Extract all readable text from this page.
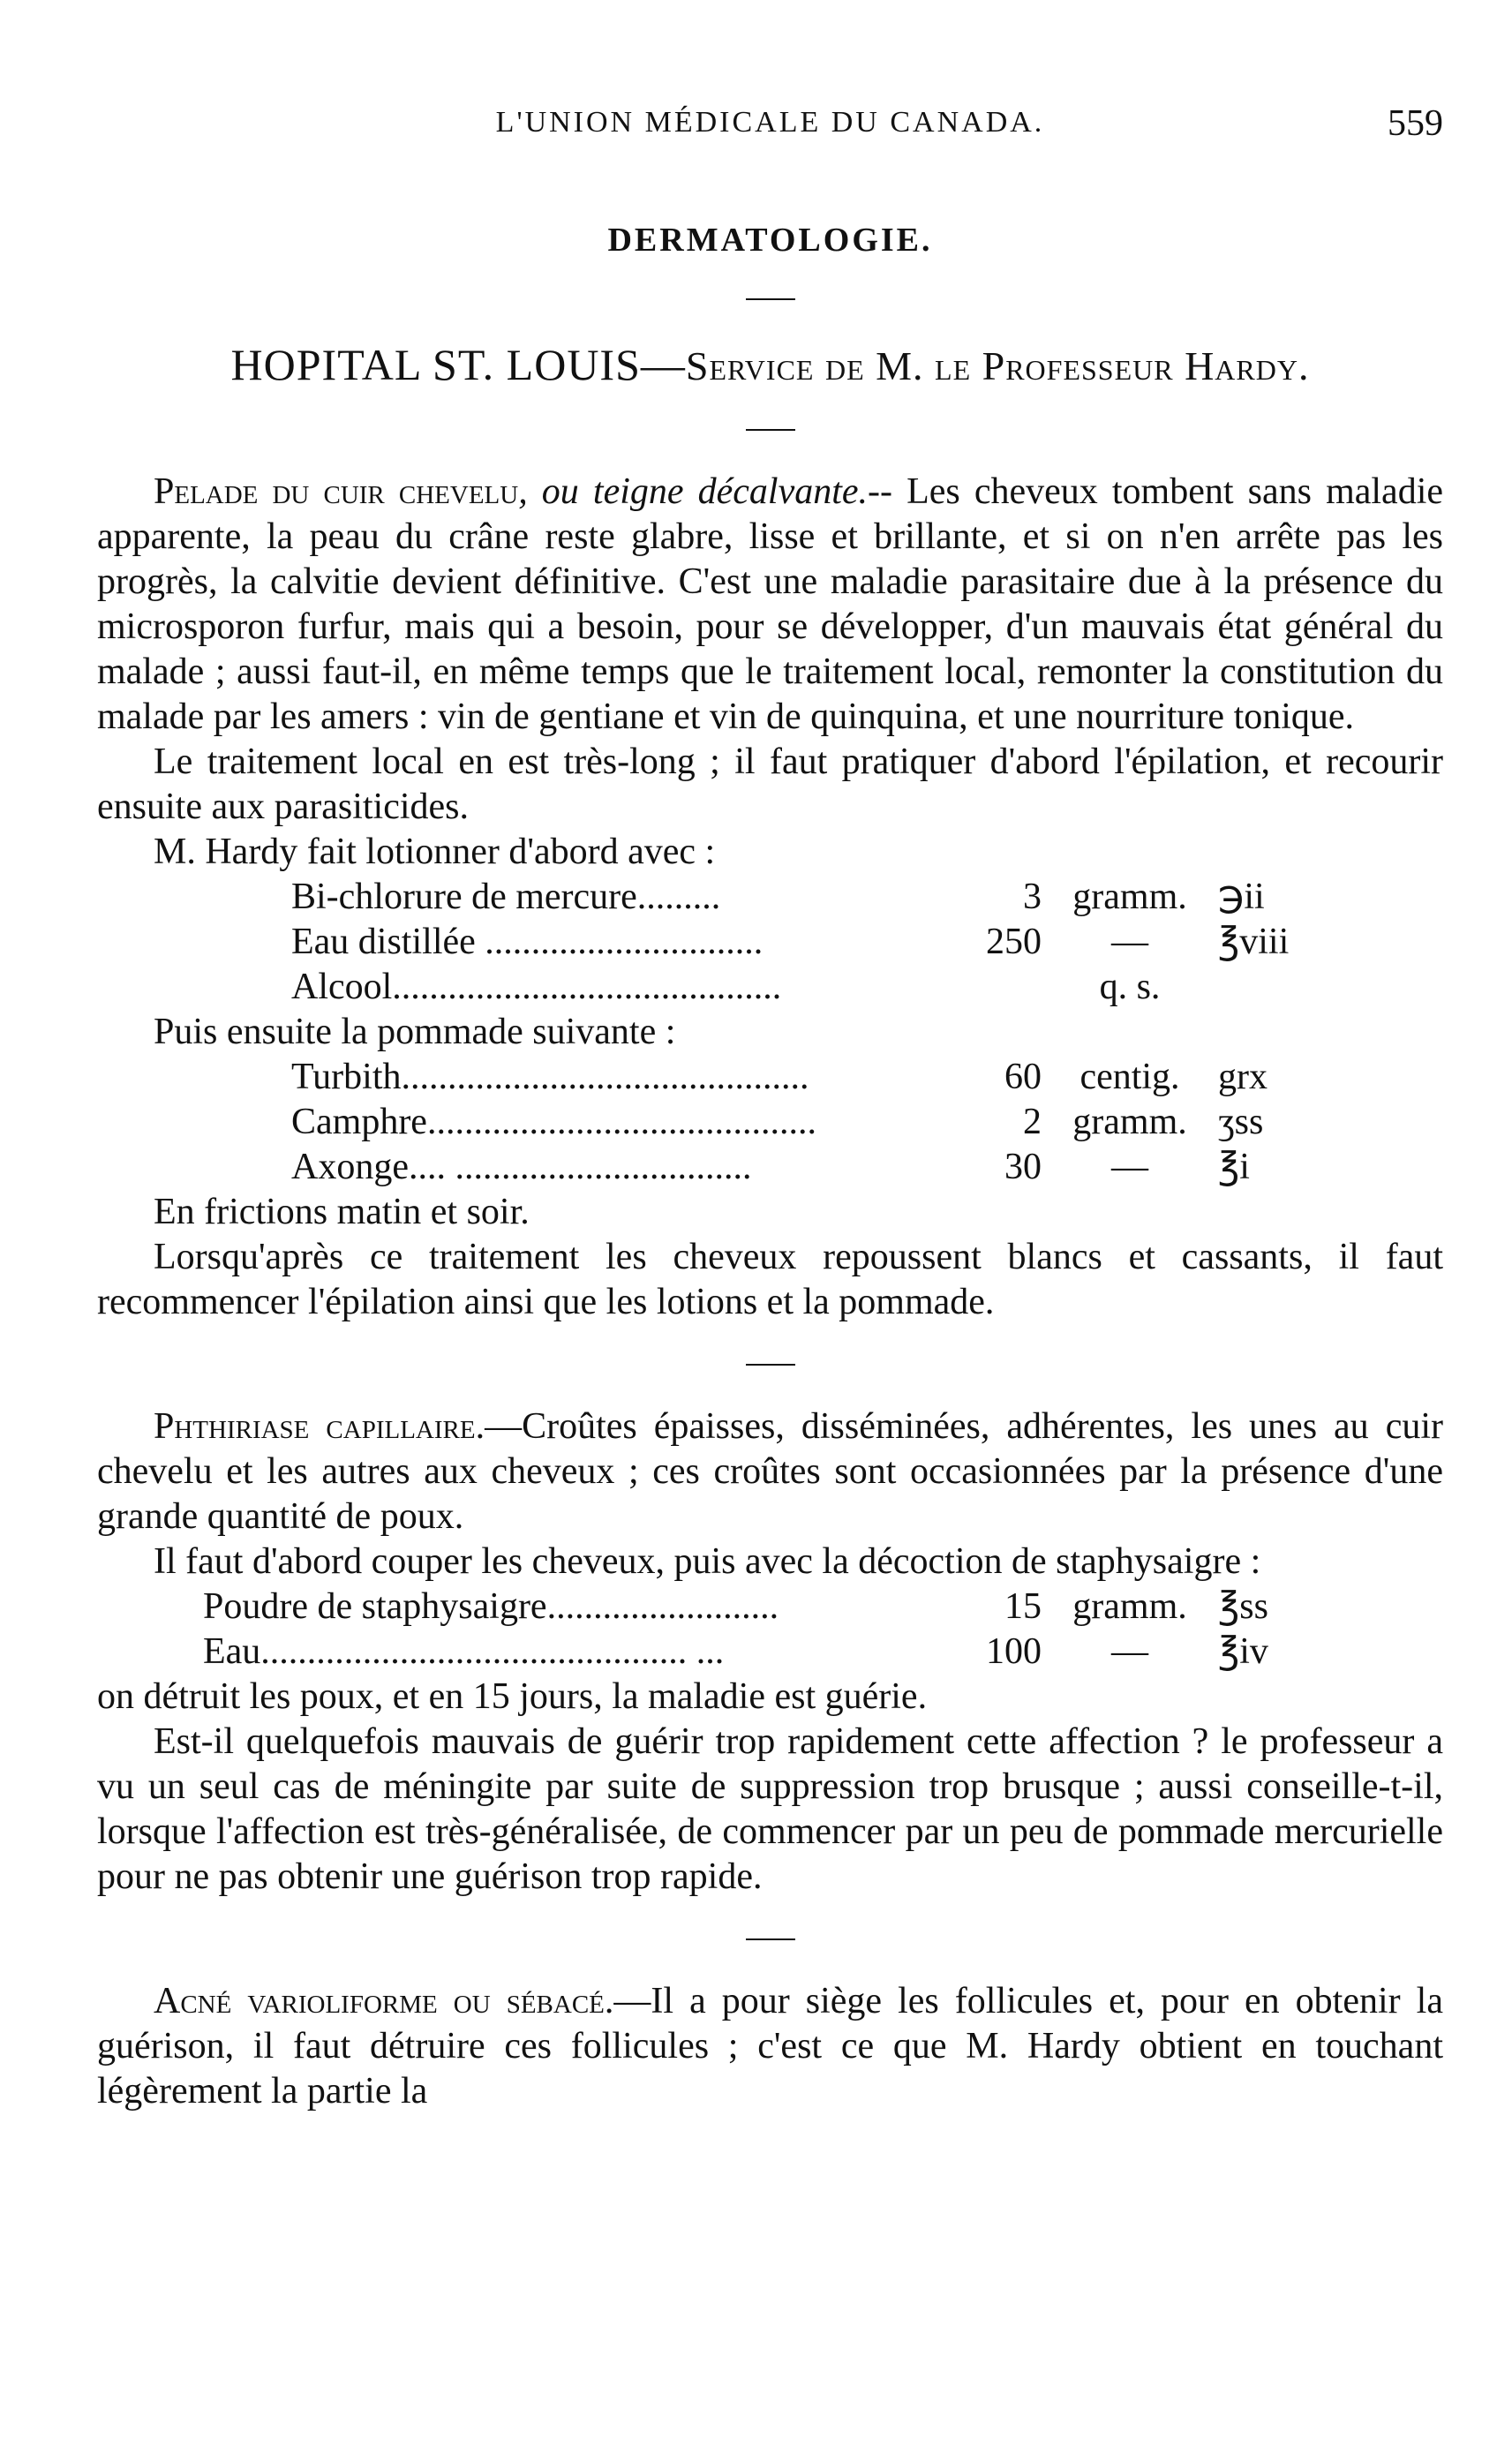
L'UNION MÉDICALE DU CANADA.	559
DERMATOLOGIE.
HOPITAL ST. LOUIS—Service de M. le Professeur Hardy.

Pelade du cuir chevelu, ou teigne décalvante.-- Les cheveux tombent sans maladie apparente, la peau du crâne reste glabre, lisse et brillante, et si on n'en arrête pas les progrès, la calvitie devient définitive. C'est une maladie parasitaire due à la présence du microsporon furfur, mais qui a besoin, pour se développer, d'un mauvais état général du malade ; aussi faut-il, en même temps que le traitement local, remonter la constitution du malade par les amers : vin de gentiane et vin de quinquina, et une nourriture tonique.

Le traitement local en est très-long ; il faut pratiquer d'abord l'épilation, et recourir ensuite aux parasiticides.

M. Hardy fait lotionner d'abord avec :

Bi-chlorure de mercure.........	3 gramm. ℈ii
Eau distillée ..............................	250	—	℥viii
Alcool..........................................	q. s.

Puis ensuite la pommade suivante :

Turbith............................................	60	centig.	grx
Camphre..........................................	2 gramm. ʒss
Axonge.... ................................	30	—	℥i

En frictions matin et soir.

Lorsqu'après ce traitement les cheveux repoussent blancs et cassants, il faut recommencer l'épilation ainsi que les lotions et la pommade.

Phthiriase capillaire.—Croûtes épaisses, disséminées, adhérentes, les unes au cuir chevelu et les autres aux cheveux ; ces croûtes sont occasionnées par la présence d'une grande quantité de poux.

Il faut d'abord couper les cheveux, puis avec la décoction de staphysaigre :

Poudre de staphysaigre.........................	15 gramm. ℥ss
Eau.............................................. ...	100	—	℥iv

on détruit les poux, et en 15 jours, la maladie est guérie.

Est-il quelquefois mauvais de guérir trop rapidement cette affection ? le professeur a vu un seul cas de méningite par suite de suppression trop brusque ; aussi conseille-t-il, lorsque l'affection est très-généralisée, de commencer par un peu de pommade mercurielle pour ne pas obtenir une guérison trop rapide.

Acné varioliforme ou sébacé.—Il a pour siège les follicules et, pour en obtenir la guérison, il faut détruire ces follicules ; c'est ce que M. Hardy obtient en touchant légèrement la partie la
